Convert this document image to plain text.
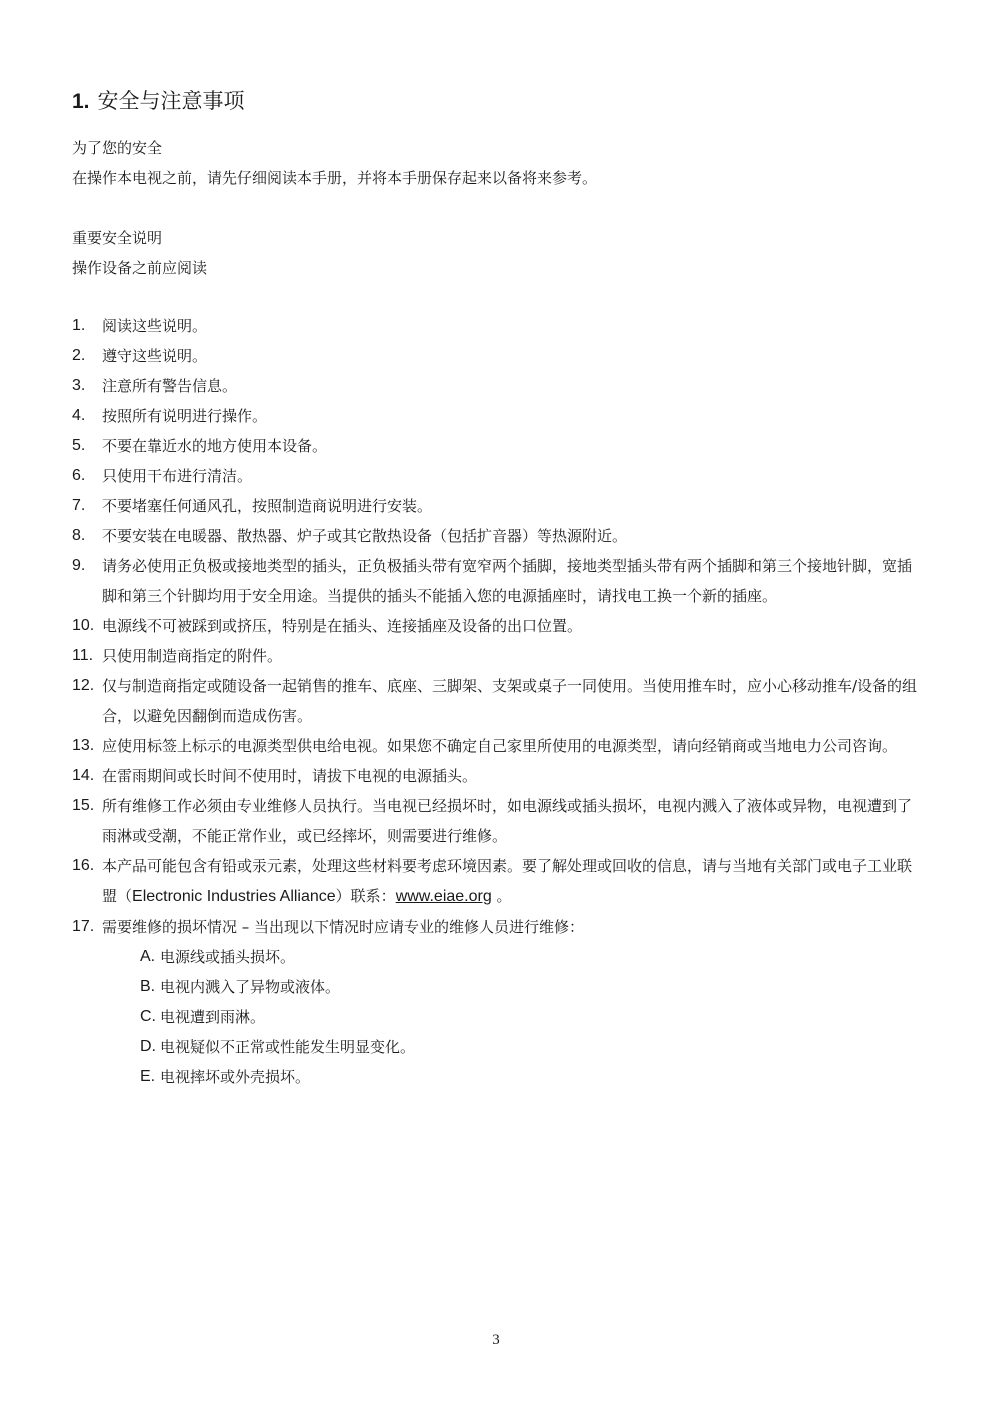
1. 安全与注意事项

为了您的安全

在操作本电视之前，请先仔细阅读本手册，并将本手册保存起来以备将来参考。

重要安全说明

操作设备之前应阅读

1. 阅读这些说明。
2. 遵守这些说明。
3. 注意所有警告信息。
4. 按照所有说明进行操作。
5. 不要在靠近水的地方使用本设备。
6. 只使用干布进行清洁。
7. 不要堵塞任何通风孔，按照制造商说明进行安装。
8. 不要安装在电暖器、散热器、炉子或其它散热设备（包括扩音器）等热源附近。
9. 请务必使用正负极或接地类型的插头，正负极插头带有宽窄两个插脚，接地类型插头带有两个插脚和第三个接地针脚，宽插脚和第三个针脚均用于安全用途。当提供的插头不能插入您的电源插座时，请找电工换一个新的插座。
10. 电源线不可被踩到或挤压，特别是在插头、连接插座及设备的出口位置。
11. 只使用制造商指定的附件。
12. 仅与制造商指定或随设备一起销售的推车、底座、三脚架、支架或桌子一同使用。当使用推车时，应小心移动推车/设备的组合，以避免因翻倒而造成伤害。
13. 应使用标签上标示的电源类型供电给电视。如果您不确定自己家里所使用的电源类型，请向经销商或当地电力公司咨询。
14. 在雷雨期间或长时间不使用时，请拔下电视的电源插头。
15. 所有维修工作必须由专业维修人员执行。当电视已经损坏时，如电源线或插头损坏，电视内溅入了液体或异物，电视遭到了雨淋或受潮，不能正常作业，或已经摔坏，则需要进行维修。
16. 本产品可能包含有铅或汞元素，处理这些材料要考虑环境因素。要了解处理或回收的信息，请与当地有关部门或电子工业联盟（Electronic Industries Alliance）联系：www.eiae.org 。
17. 需要维修的损坏情况 – 当出现以下情况时应请专业的维修人员进行维修：
A. 电源线或插头损坏。
B. 电视内溅入了异物或液体。
C. 电视遭到雨淋。
D. 电视疑似不正常或性能发生明显变化。
E. 电视摔坏或外壳损坏。
3
